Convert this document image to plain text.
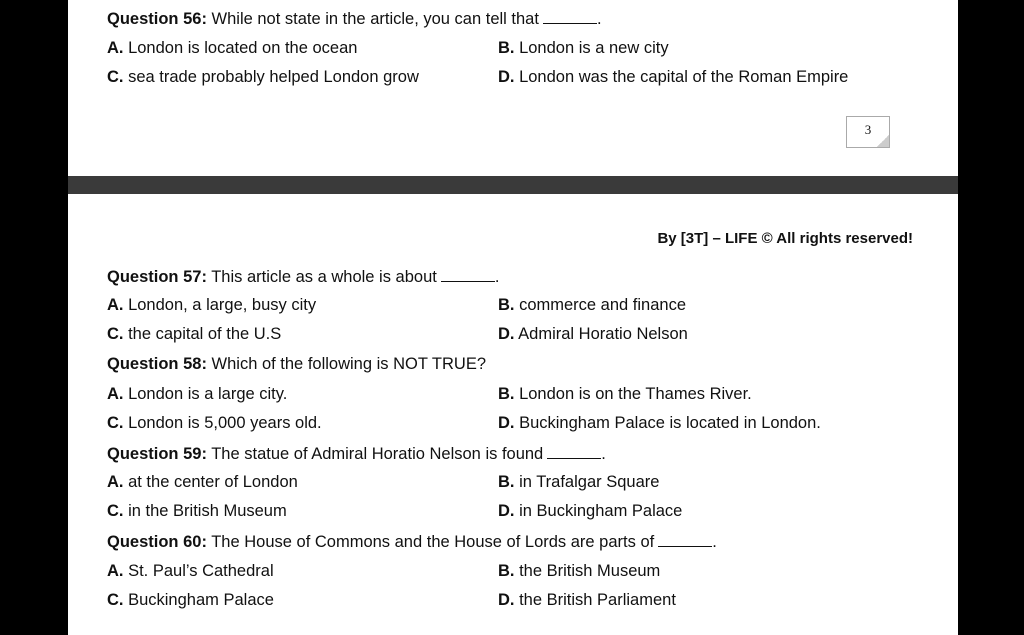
Question 56: While not state in the article, you can tell that	.
A. London is located on the ocean	B. London is a new city
C. sea trade probably helped London grow	D. London was the capital of the Roman Empire
3
By [3T] – LIFE © All rights reserved!
Question 57: This article as a whole is about	.
A. London, a large, busy city	B. commerce and finance
C. the capital of the U.S	D. Admiral Horatio Nelson
Question 58: Which of the following is NOT TRUE?
A. London is a large city.	B. London is on the Thames River.
C. London is 5,000 years old.	D. Buckingham Palace is located in London.
Question 59: The statue of Admiral Horatio Nelson is found	.
A. at the center of London	B. in Trafalgar Square
C. in the British Museum	D. in Buckingham Palace
Question 60: The House of Commons and the House of Lords are parts of	.
A. St. Paul’s Cathedral	B. the British Museum
C. Buckingham Palace	D. the British Parliament
